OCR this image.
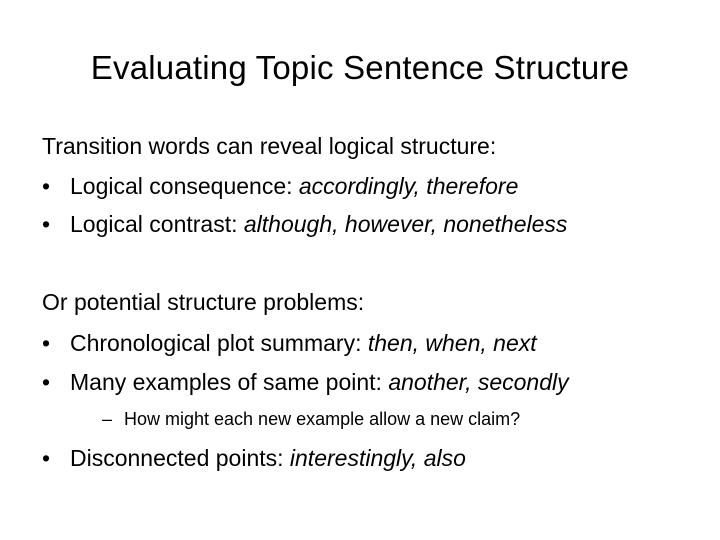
Evaluating Topic Sentence Structure
Transition words can reveal logical structure:
• Logical consequence: accordingly, therefore
• Logical contrast: although, however, nonetheless
Or potential structure problems:
• Chronological plot summary: then, when, next
• Many examples of same point: another, secondly
– How might each new example allow a new claim?
• Disconnected points: interestingly, also
